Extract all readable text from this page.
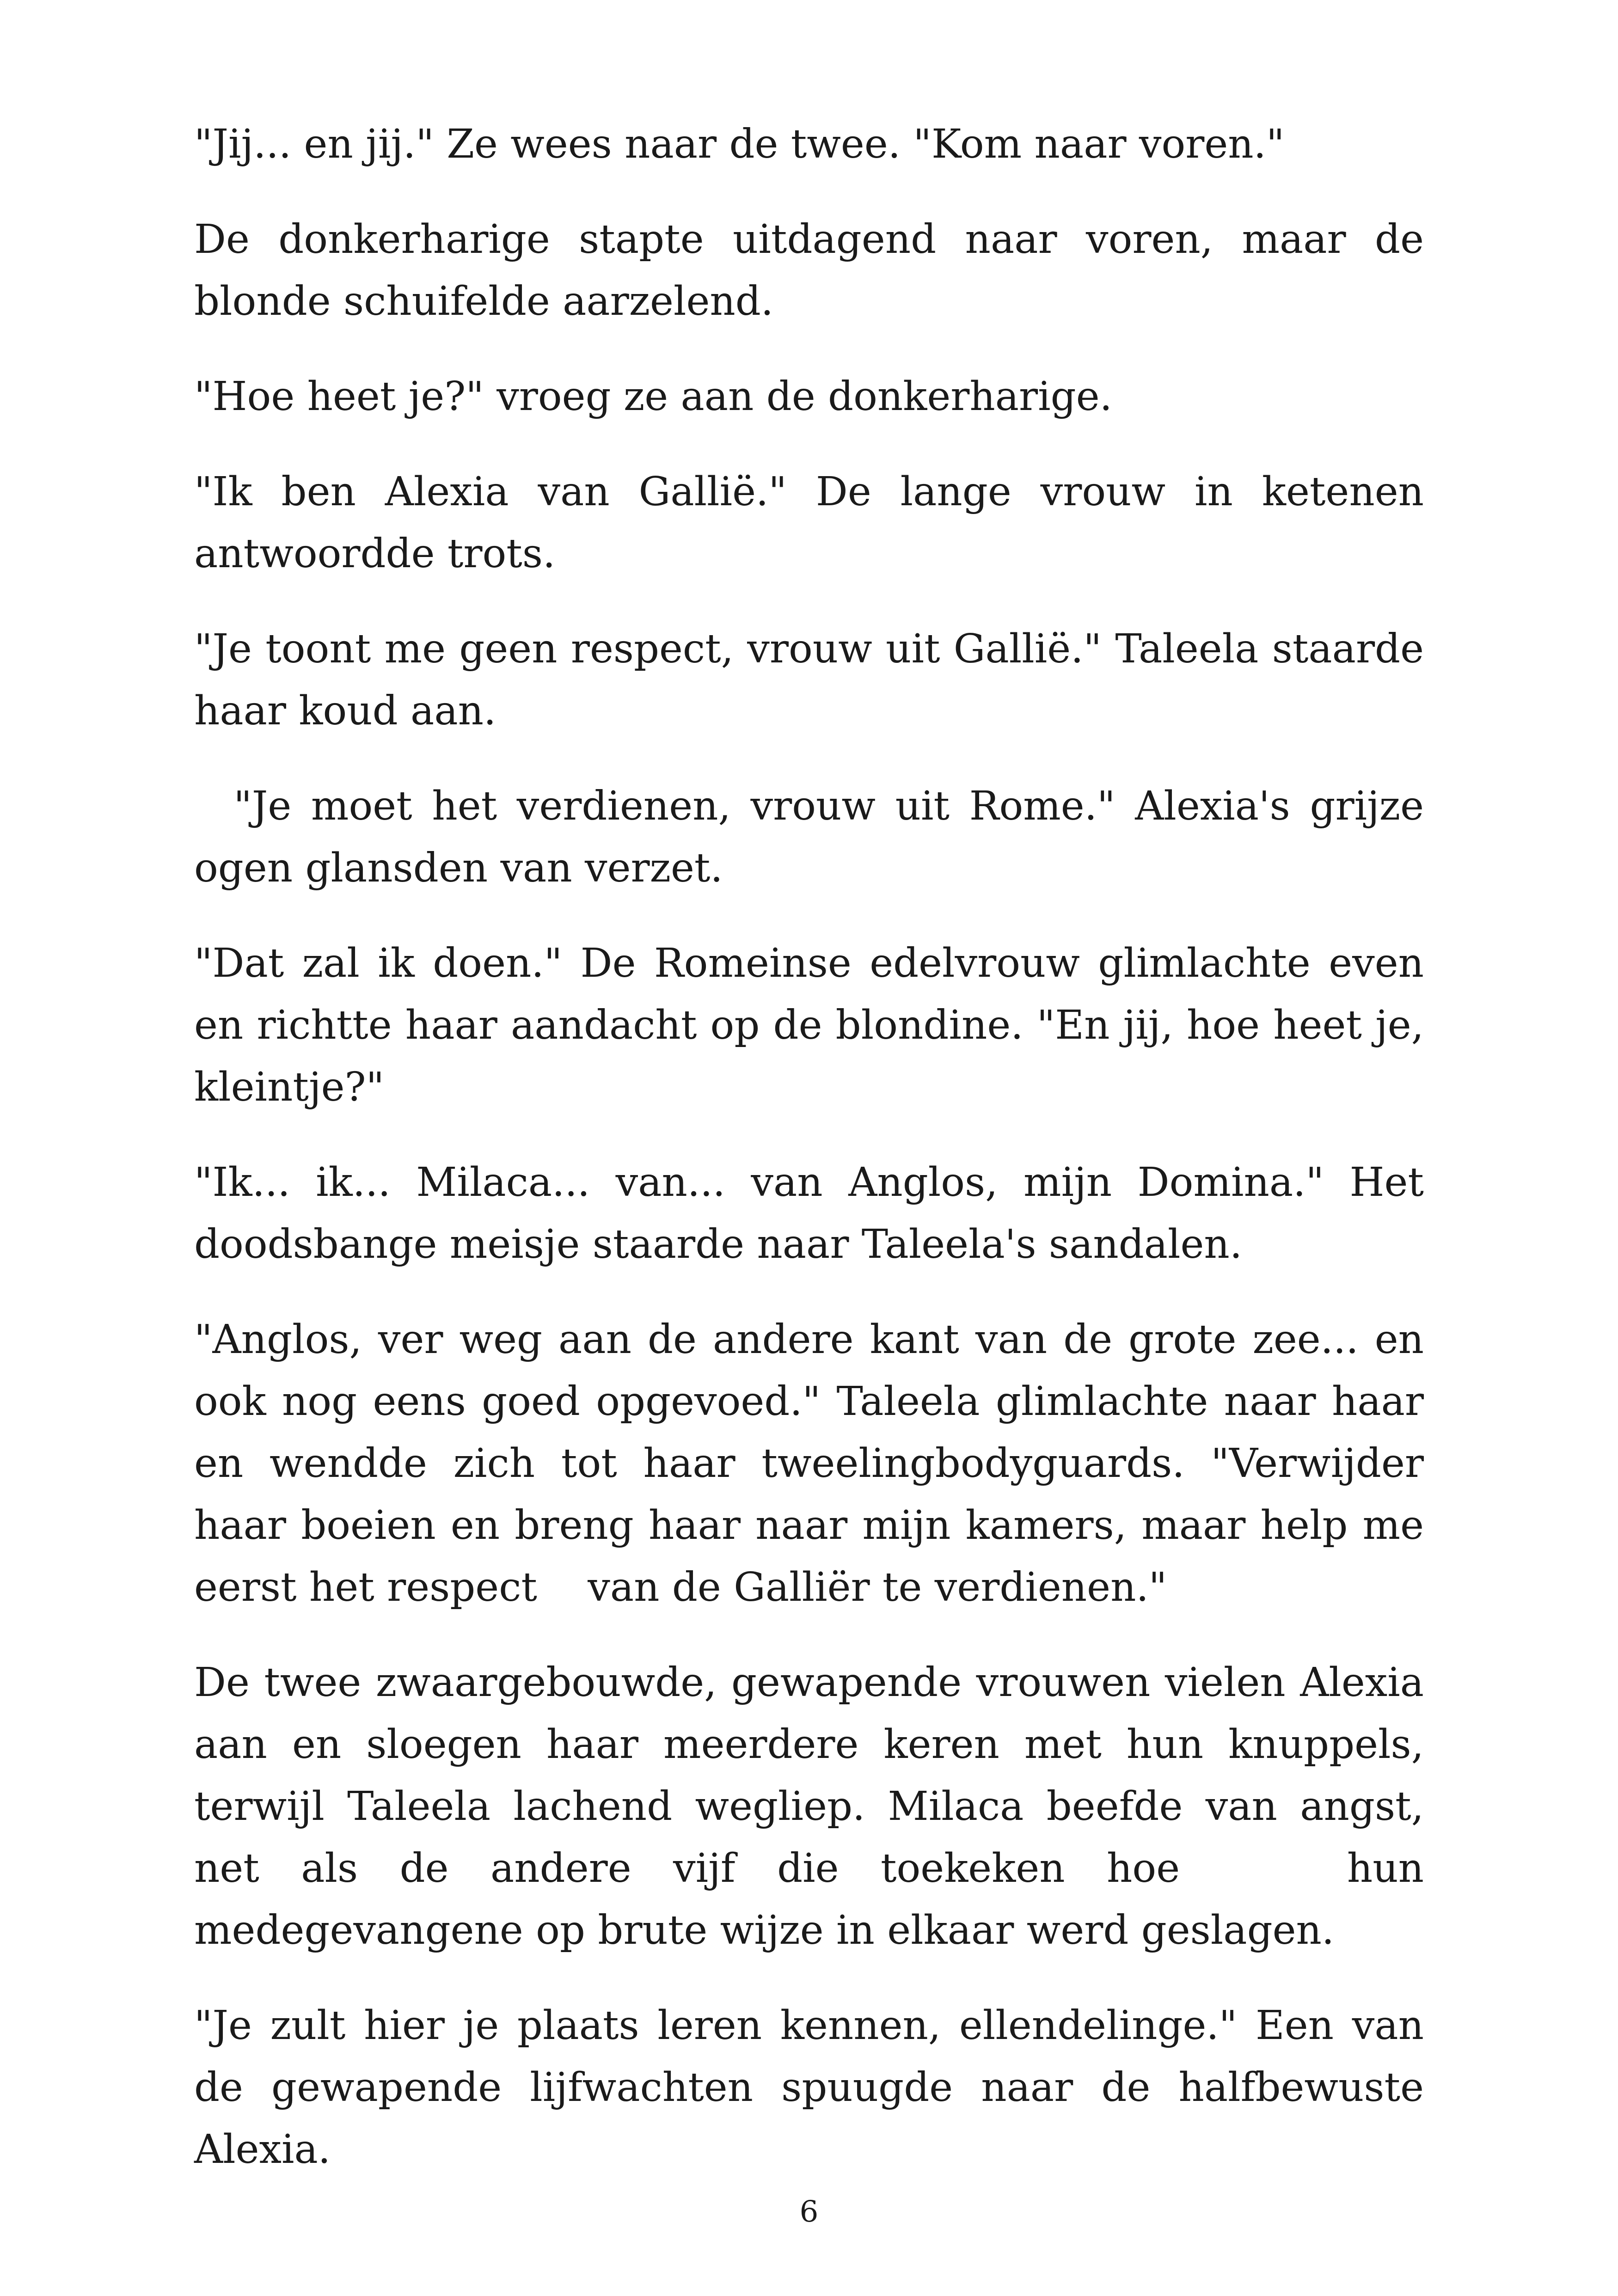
"Jij... en jij." Ze wees naar de twee. "Kom naar voren."

De donkerharige stapte uitdagend naar voren, maar de blonde schuifelde aarzelend.

"Hoe heet je?" vroeg ze aan de donkerharige.

"Ik ben Alexia van Gallië." De lange vrouw in ketenen antwoordde trots.

"Je toont me geen respect, vrouw uit Gallië." Taleela staarde haar koud aan.

"Je moet het verdienen, vrouw uit Rome." Alexia's grijze ogen glansden van verzet.

"Dat zal ik doen." De Romeinse edelvrouw glimlachte even en richtte haar aandacht op de blondine. "En jij, hoe heet je, kleintje?"

"Ik... ik... Milaca... van... van Anglos, mijn Domina." Het doodsbange meisje staarde naar Taleela's sandalen.

"Anglos, ver weg aan de andere kant van de grote zee... en ook nog eens goed opgevoed." Taleela glimlachte naar haar en wendde zich tot haar tweelingbodyguards. "Verwijder haar boeien en breng haar naar mijn kamers, maar help me eerst het respect    van de Galliër te verdienen."

De twee zwaargebouwde, gewapende vrouwen vielen Alexia aan en sloegen haar meerdere keren met hun knuppels, terwijl Taleela lachend wegliep. Milaca beefde van angst, net als de andere vijf die toekeken hoe    hun medegevangene op brute wijze in elkaar werd geslagen.

"Je zult hier je plaats leren kennen, ellendelinge." Een van de gewapende lijfwachten spuugde naar de halfbewuste Alexia.

6
